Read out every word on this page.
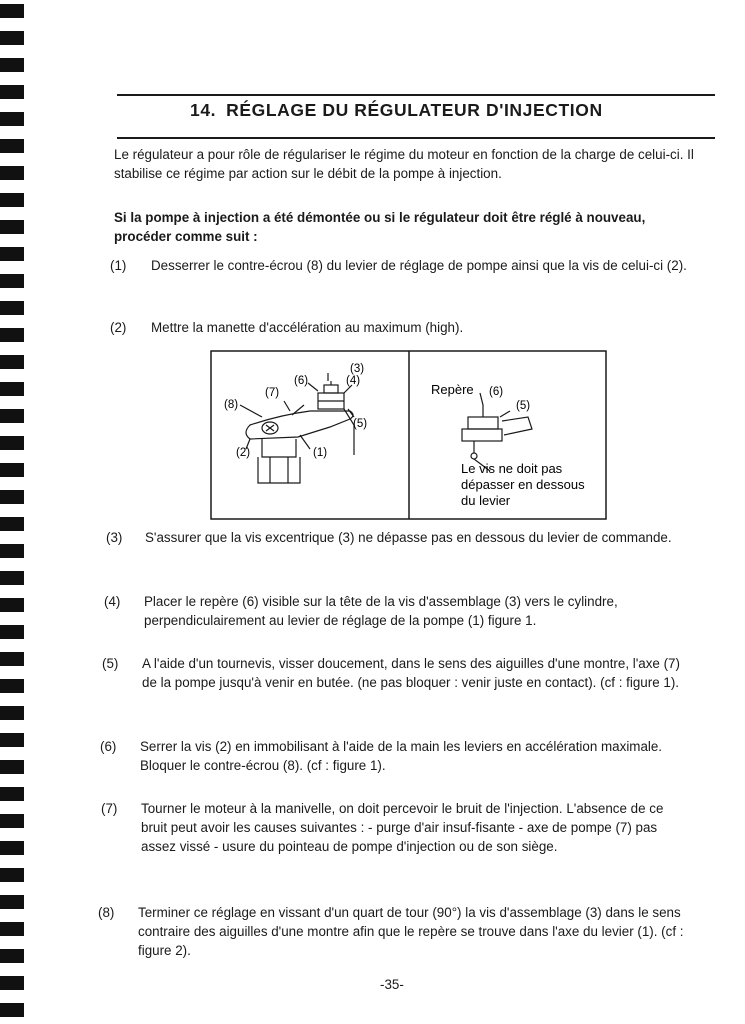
14. RÉGLAGE DU RÉGULATEUR D'INJECTION
Le régulateur a pour rôle de régulariser le régime du moteur en fonction de la charge de celui-ci. Il stabilise ce régime par action sur le débit de la pompe à injection.
Si la pompe à injection a été démontée ou si le régulateur doit être réglé à nouveau, procéder comme suit :
(1) Desserrer le contre-écrou (8) du levier de réglage de pompe ainsi que la vis de celui-ci (2).
(2) Mettre la manette d'accélération au maximum (high).
(3)
(6)	(4)
(7)
(8)
(5)
(2)	(1)
Repère (6)
(5)
Le vis ne doit pas
dépasser en dessous
du levier
(3) S'assurer que la vis excentrique (3) ne dépasse pas en dessous du levier de commande.
(4) Placer le repère (6) visible sur la tête de la vis d'assemblage (3) vers le cylindre, perpendiculairement au levier de réglage de la pompe (1) figure 1.
(5) A l'aide d'un tournevis, visser doucement, dans le sens des aiguilles d'une montre, l'axe (7) de la pompe jusqu'à venir en butée. (ne pas bloquer : venir juste en contact). (cf : figure 1).
(6) Serrer la vis (2) en immobilisant à l'aide de la main les leviers en accélération maximale. Bloquer le contre-écrou (8). (cf : figure 1).
(7) Tourner le moteur à la manivelle, on doit percevoir le bruit de l'injection. L'absence de ce bruit peut avoir les causes suivantes : - purge d'air insuf-fisante - axe de pompe (7) pas assez vissé - usure du pointeau de pompe d'injection ou de son siège.
(8) Terminer ce réglage en vissant d'un quart de tour (90°) la vis d'assemblage (3) dans le sens contraire des aiguilles d'une montre afin que le repère se trouve dans l'axe du levier (1). (cf : figure 2).
-35-
